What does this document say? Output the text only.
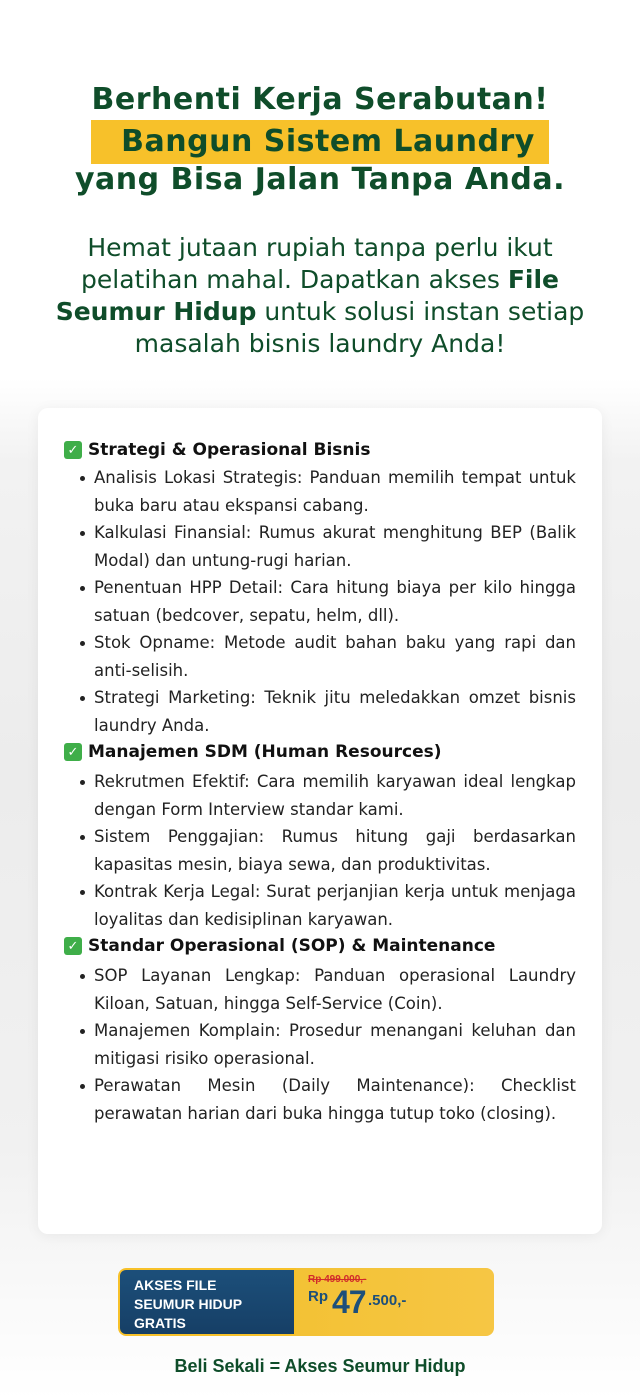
Berhenti Kerja Serabutan!
Bangun Sistem Laundry
yang Bisa Jalan Tanpa Anda.
Hemat jutaan rupiah tanpa perlu ikut pelatihan mahal. Dapatkan akses File Seumur Hidup untuk solusi instan setiap masalah bisnis laundry Anda!
✓ Strategi & Operasional Bisnis
Analisis Lokasi Strategis: Panduan memilih tempat untuk buka baru atau ekspansi cabang.
Kalkulasi Finansial: Rumus akurat menghitung BEP (Balik Modal) dan untung-rugi harian.
Penentuan HPP Detail: Cara hitung biaya per kilo hingga satuan (bedcover, sepatu, helm, dll).
Stok Opname: Metode audit bahan baku yang rapi dan anti-selisih.
Strategi Marketing: Teknik jitu meledakkan omzet bisnis laundry Anda.
✓ Manajemen SDM (Human Resources)
Rekrutmen Efektif: Cara memilih karyawan ideal lengkap dengan Form Interview standar kami.
Sistem Penggajian: Rumus hitung gaji berdasarkan kapasitas mesin, biaya sewa, dan produktivitas.
Kontrak Kerja Legal: Surat perjanjian kerja untuk menjaga loyalitas dan kedisiplinan karyawan.
✓ Standar Operasional (SOP) & Maintenance
SOP Layanan Lengkap: Panduan operasional Laundry Kiloan, Satuan, hingga Self-Service (Coin).
Manajemen Komplain: Prosedur menangani keluhan dan mitigasi risiko operasional.
Perawatan Mesin (Daily Maintenance): Checklist perawatan harian dari buka hingga tutup toko (closing).
AKSES FILE
SEUMUR HIDUP
GRATIS
Rp 499.000,-
Rp 47 .500,-
Beli Sekali = Akses Seumur Hidup
